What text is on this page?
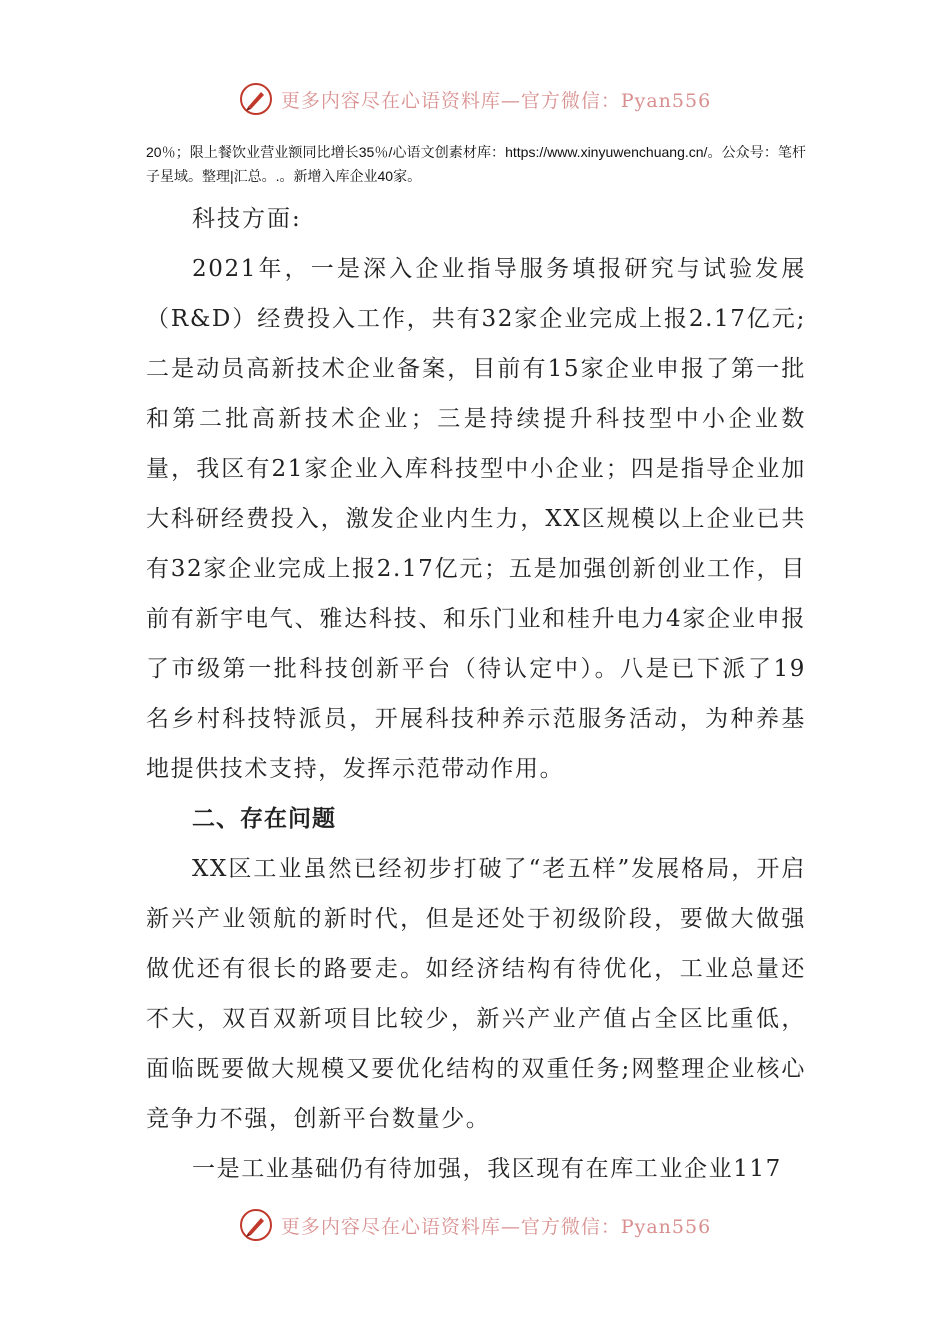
更多内容尽在心语资料库—官方微信：Pyan556

20％；限上餐饮业营业额同比增长35％/心语文创素材库：https://www.xinyuwenchuang.cn/。公众号：笔杆子星域。整理|汇总。.。新增入库企业40家。

科技方面:

2021年，一是深入企业指导服务填报研究与试验发展（R&D）经费投入工作，共有32家企业完成上报2.17亿元;二是动员高新技术企业备案，目前有15家企业申报了第一批和第二批高新技术企业；三是持续提升科技型中小企业数量，我区有21家企业入库科技型中小企业；四是指导企业加大科研经费投入，激发企业内生力，XX区规模以上企业已共有32家企业完成上报2.17亿元；五是加强创新创业工作，目前有新宇电气、雅达科技、和乐门业和桂升电力4家企业申报了市级第一批科技创新平台（待认定中）。八是已下派了19名乡村科技特派员，开展科技种养示范服务活动，为种养基地提供技术支持，发挥示范带动作用。

二、存在问题

XX区工业虽然已经初步打破了“老五样”发展格局，开启新兴产业领航的新时代，但是还处于初级阶段，要做大做强做优还有很长的路要走。如经济结构有待优化，工业总量还不大，双百双新项目比较少，新兴产业产值占全区比重低，面临既要做大规模又要优化结构的双重任务;网整理企业核心竞争力不强，创新平台数量少。

一是工业基础仍有待加强，我区现有在库工业企业117

更多内容尽在心语资料库—官方微信：Pyan556
